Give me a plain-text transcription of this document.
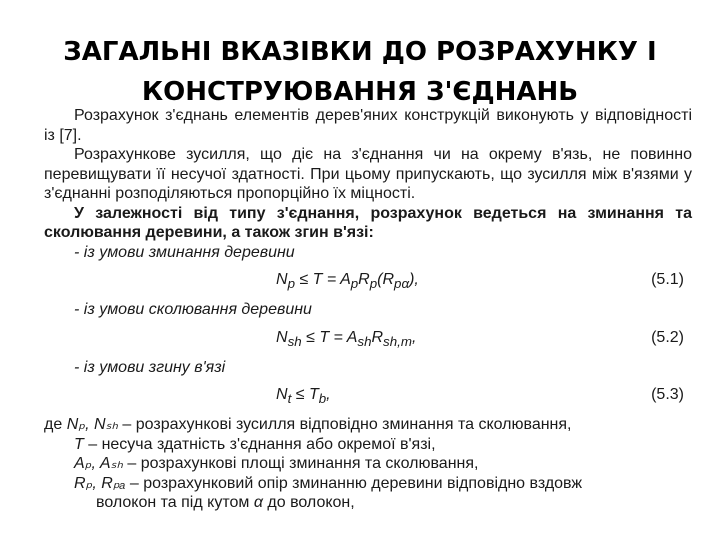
ЗАГАЛЬНІ ВКАЗІВКИ ДО РОЗРАХУНКУ І
КОНСТРУЮВАННЯ З'ЄДНАНЬ

Розрахунок з'єднань елементів дерев'яних конструкцій виконують у відповідності із [7].

Розрахункове зусилля, що діє на з'єднання чи на окрему в'язь, не повинно перевищувати її несучої здатності. При цьому припускають, що зусилля між в'язями у з'єднанні розподіляються пропорційно їх міцності.

У залежності від типу з'єднання, розрахунок ведеться на зминання та сколювання деревини, а також згин в'язі:

- із умови зминання деревини

$N_p \le T = A_pR_p(R_{p\alpha})$,	(5.1)

- із умови сколювання деревини

$N_{sh} \le T = A_{sh}R_{sh,m}$,	(5.2)

- із умови згину в'язі

$N_t \le T_b$,	(5.3)

де Nₚ, Nₛₕ – розрахункові зусилля відповідно зминання та сколювання,

T – несуча здатність з'єднання або окремої в'язі,

Aₚ, Aₛₕ – розрахункові площі зминання та сколювання,

Rₚ, Rₚₐ – розрахунковий опір зминанню деревини відповідно вздовж

волокон та під кутом α до волокон,
